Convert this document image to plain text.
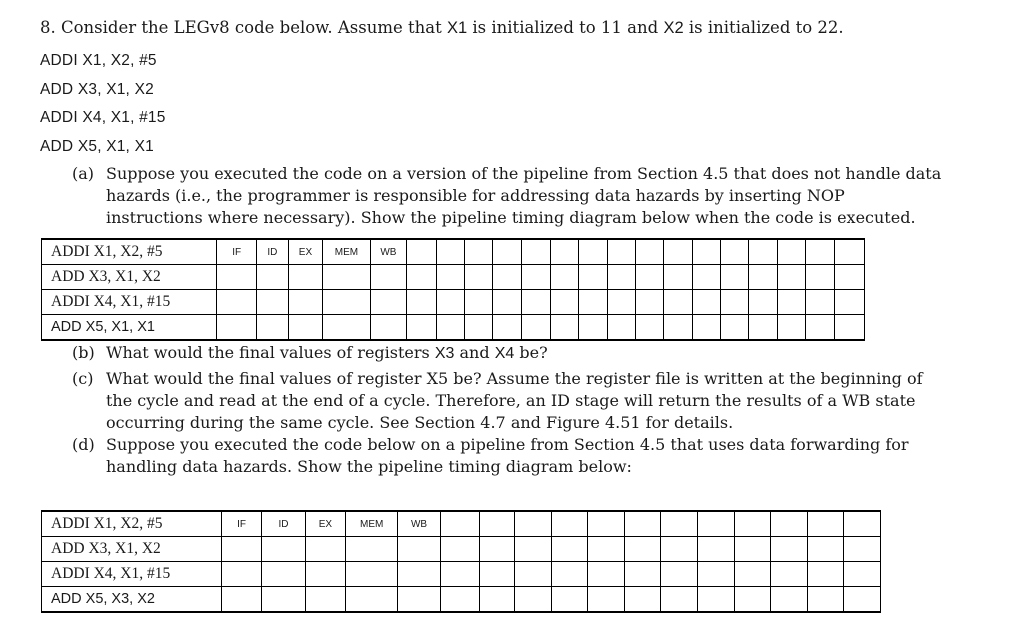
8. Consider the LEGv8 code below. Assume that X1 is initialized to 11 and X2 is initialized to 22.
ADDI X1, X2, #5
ADD X3, X1, X2
ADDI X4, X1, #15
ADD X5, X1, X1
(a) Suppose you executed the code on a version of the pipeline from Section 4.5 that does not handle data hazards (i.e., the programmer is responsible for addressing data hazards by inserting NOP instructions where necessary). Show the pipeline timing diagram below when the code is executed.
ADDI X1, X2, #5	IF	ID	EX	MEM	WB																
ADD X3, X1, X2																					
ADDI X4, X1, #15																					
ADD X5, X1, X1																					
(b) What would the final values of registers X3 and X4 be?
(c) What would the final values of register X5 be? Assume the register file is written at the beginning of the cycle and read at the end of a cycle. Therefore, an ID stage will return the results of a WB state occurring during the same cycle. See Section 4.7 and Figure 4.51 for details.
(d) Suppose you executed the code below on a pipeline from Section 4.5 that uses data forwarding for handling data hazards. Show the pipeline timing diagram below:
ADDI X1, X2, #5	IF	ID	EX	MEM	WB												
ADD X3, X1, X2																	
ADDI X4, X1, #15																	
ADD X5, X3, X2																	
